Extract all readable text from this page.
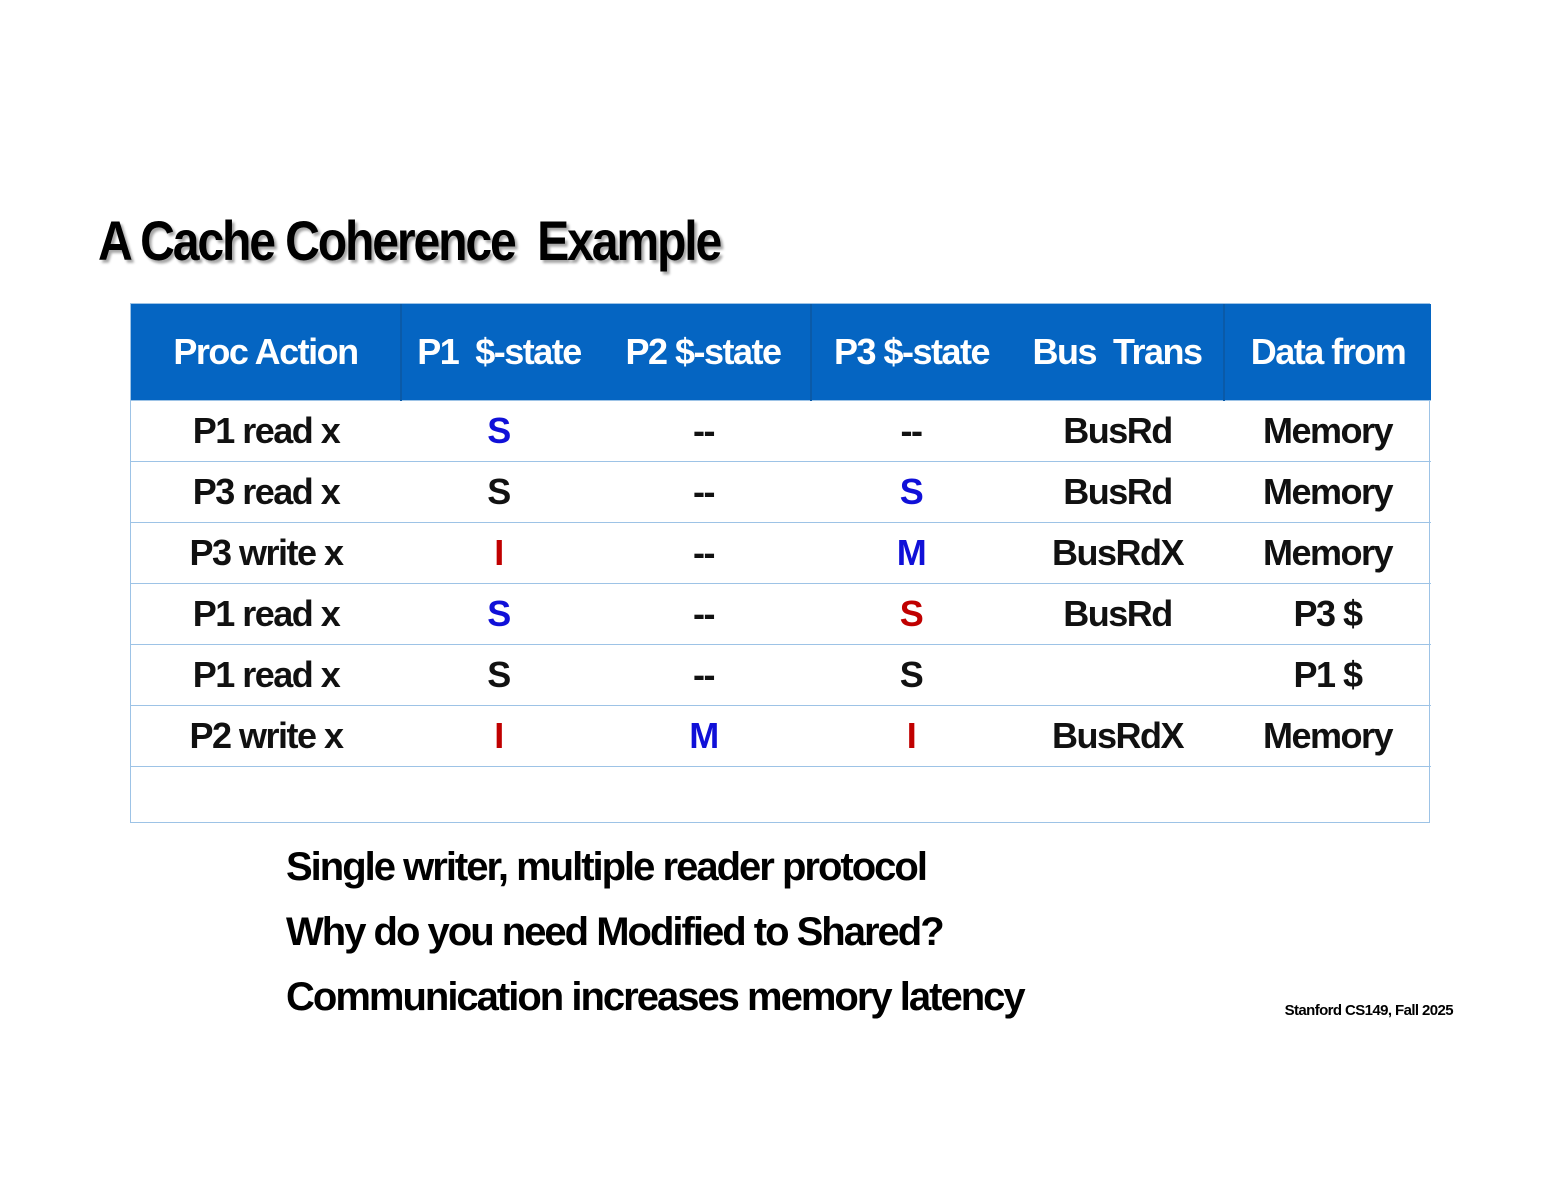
A Cache Coherence  Example
Proc Action	P1  $-state	P2 $-state	P3 $-state	Bus  Trans	Data from
P1 read x	S	--	--	BusRd	Memory
P3 read x	S	--	S	BusRd	Memory
P3 write x	I	--	M	BusRdX	Memory
P1 read x	S	--	S	BusRd	P3 $
P1 read x	S	--	S		P1 $
P2 write x	I	M	I	BusRdX	Memory

Single writer, multiple reader protocol
Why do you need Modified to Shared?
Communication increases memory latency	Stanford CS149, Fall 2025
